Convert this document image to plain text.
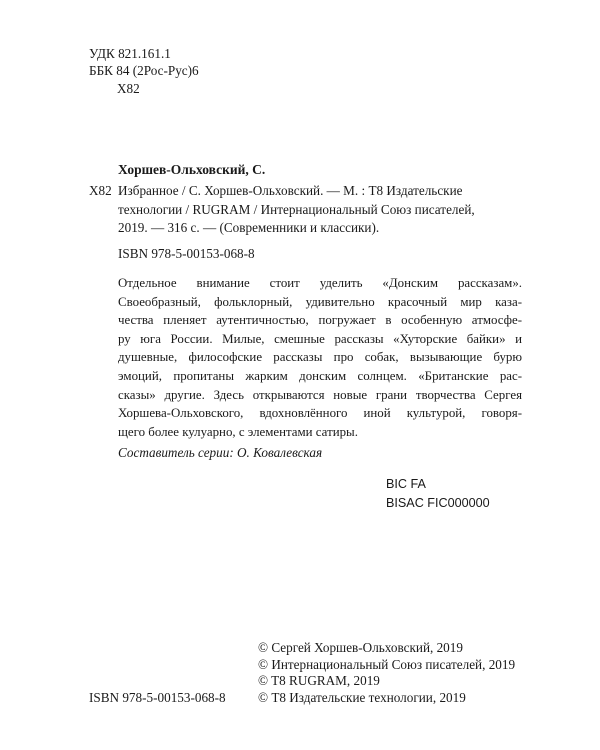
УДК 821.161.1
ББК 84 (2Рос-Рус)6
Х82
Хоршев-Ольховский, С.
Х82 Избранное / С. Хоршев-Ольховский. — М. : Т8 Издательские
технологии / RUGRAM / Интернациональный Союз писателей,
2019. — 316 с. — (Современники и классики).
ISBN 978-5-00153-068-8
Отдельное внимание стоит уделить «Донским рассказам».
Своеобразный, фольклорный, удивительно красочный мир каза-
чества пленяет аутентичностью, погружает в особенную атмосфе-
ру юга России. Милые, смешные рассказы «Хуторские байки» и
душевные, философские рассказы про собак, вызывающие бурю
эмоций, пропитаны жарким донским солнцем. «Британские рас-
сказы» другие. Здесь открываются новые грани творчества Сергея
Хоршева-Ольховского, вдохновлённого иной культурой, говоря-
щего более кулуарно, с элементами сатиры.
Составитель серии: О. Ковалевская
BIC FA
BISAC FIC000000
ISBN 978-5-00153-068-8
© Сергей Хоршев-Ольховский, 2019
© Интернациональный Союз писателей, 2019
© T8 RUGRAM, 2019
© Т8 Издательские технологии, 2019
